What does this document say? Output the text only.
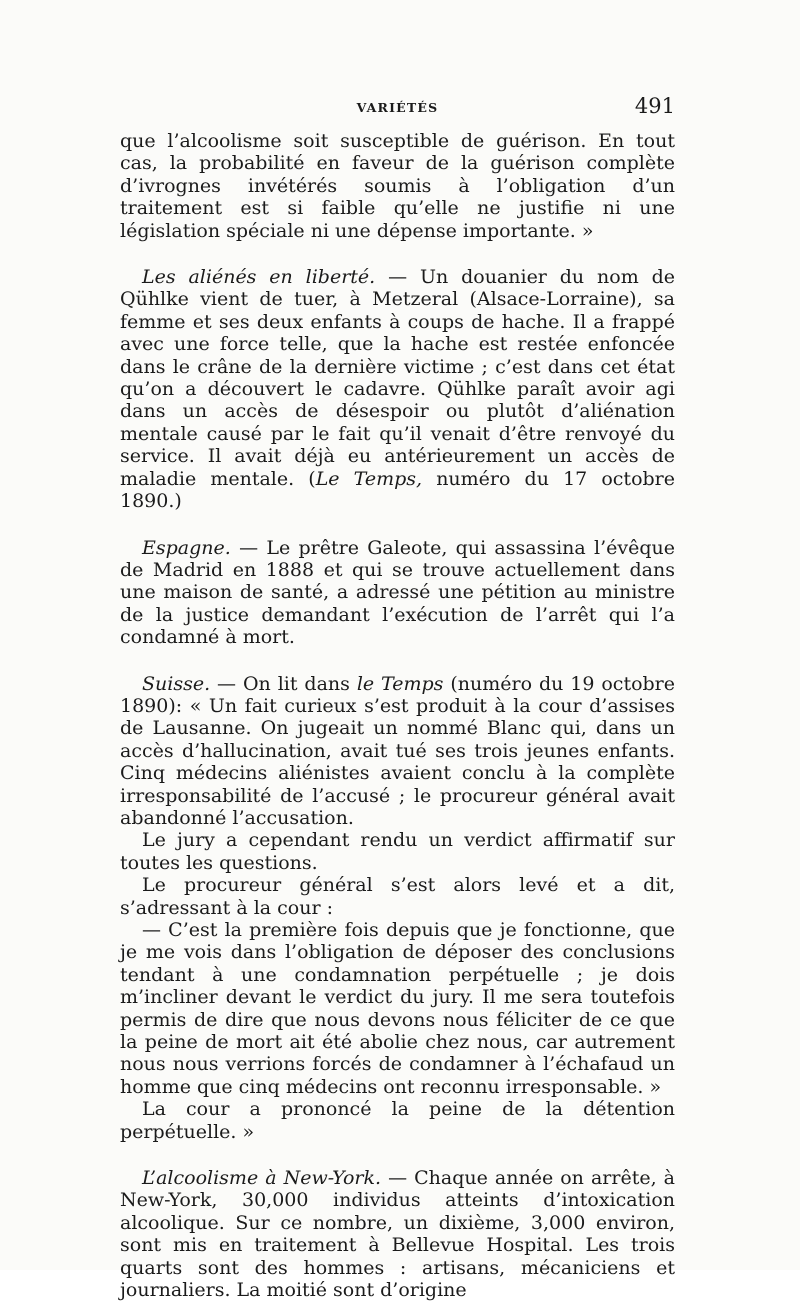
VARIÉTÉS	491

que l’alcoolisme soit susceptible de guérison. En tout cas, la probabilité en faveur de la guérison complète d’ivrognes invétérés soumis à l’obligation d’un traitement est si faible qu’elle ne justifie ni une législation spéciale ni une dépense importante. »

Les aliénés en liberté. — Un douanier du nom de Qühlke vient de tuer, à Metzeral (Alsace-Lorraine), sa femme et ses deux enfants à coups de hache. Il a frappé avec une force telle, que la hache est restée enfoncée dans le crâne de la dernière victime ; c’est dans cet état qu’on a découvert le cadavre. Qühlke paraît avoir agi dans un accès de désespoir ou plutôt d’aliénation mentale causé par le fait qu’il venait d’être renvoyé du service. Il avait déjà eu antérieurement un accès de maladie mentale. (Le Temps, numéro du 17 octobre 1890.)

Espagne. — Le prêtre Galeote, qui assassina l’évêque de Madrid en 1888 et qui se trouve actuellement dans une maison de santé, a adressé une pétition au ministre de la justice demandant l’exécution de l’arrêt qui l’a condamné à mort.

Suisse. — On lit dans le Temps (numéro du 19 octobre 1890): « Un fait curieux s’est produit à la cour d’assises de Lausanne. On jugeait un nommé Blanc qui, dans un accès d’hallucination, avait tué ses trois jeunes enfants. Cinq médecins aliénistes avaient conclu à la complète irresponsabilité de l’accusé ; le procureur général avait abandonné l’accusation.

Le jury a cependant rendu un verdict affirmatif sur toutes les questions.

Le procureur général s’est alors levé et a dit, s’adressant à la cour :

— C’est la première fois depuis que je fonctionne, que je me vois dans l’obligation de déposer des conclusions tendant à une condamnation perpétuelle ; je dois m’incliner devant le verdict du jury. Il me sera toutefois permis de dire que nous devons nous féliciter de ce que la peine de mort ait été abolie chez nous, car autrement nous nous verrions forcés de condamner à l’échafaud un homme que cinq médecins ont reconnu irresponsable. »

La cour a prononcé la peine de la détention perpétuelle. »

L’alcoolisme à New-York. — Chaque année on arrête, à New-York, 30,000 individus atteints d’intoxication alcoolique. Sur ce nombre, un dixième, 3,000 environ, sont mis en traitement à Bellevue Hospital. Les trois quarts sont des hommes : artisans, mécaniciens et journaliers. La moitié sont d’origine
